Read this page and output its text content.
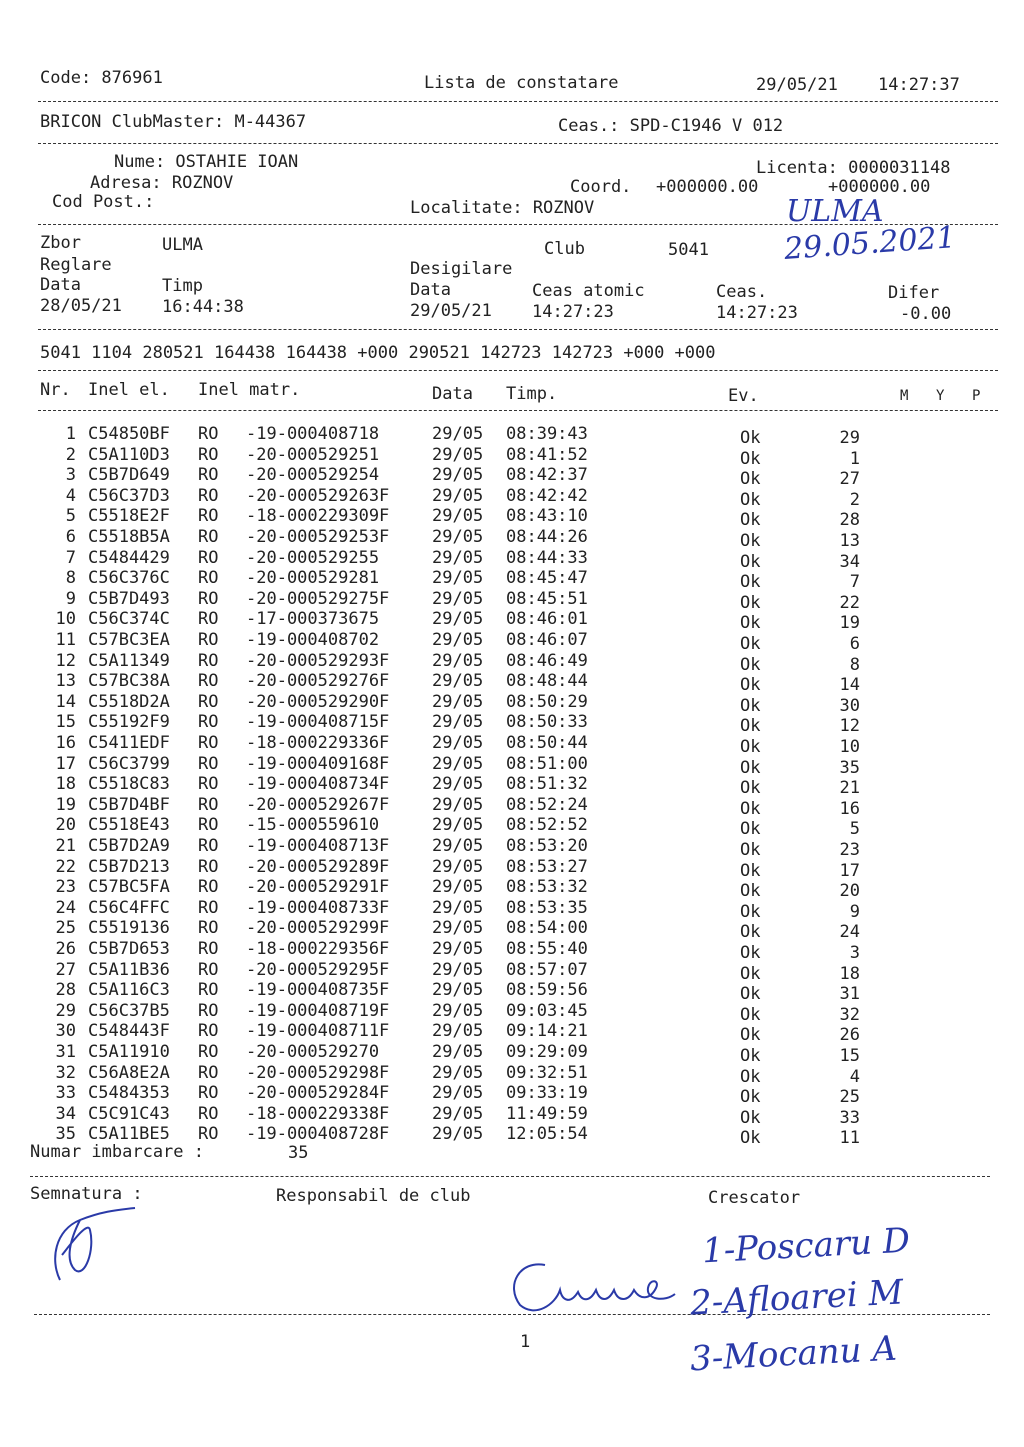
Code: 876961	Lista de constatare	29/05/21 14:27:37
BRICON ClubMaster: M-44367	Ceas.: SPD-C1946 V 012
Nume: OSTAHIE IOAN	Licenta: 0000031148
Adresa: ROZNOV	Coord. +000000.00	+000000.00
Cod Post.:	Localitate: ROZNOV
Zbor	ULMA	Club	5041
Reglare	Desigilare
Data	Timp	Data	Ceas atomic	Ceas.	Difer
28/05/21 16:44:38	29/05/21 14:27:23	14:27:23	-0.00
5041 1104 280521 164438 164438 +000 290521 142723 142723 +000 +000
Nr. Inel el. Inel matr.	Data Timp.	Ev.	M Y P
1 C54850BF RO -19-000408718	29/05 08:39:43	Ok	29
2 C5A110D3 RO -20-000529251	29/05 08:41:52	Ok	1
3 C5B7D649 RO -20-000529254	29/05 08:42:37	Ok	27
4 C56C37D3 RO -20-000529263F	29/05 08:42:42	Ok	2
5 C5518E2F RO -18-000229309F	29/05 08:43:10	Ok	28
6 C5518B5A RO -20-000529253F	29/05 08:44:26	Ok	13
7 C5484429 RO -20-000529255	29/05 08:44:33	Ok	34
8 C56C376C RO -20-000529281	29/05 08:45:47	Ok	7
9 C5B7D493 RO -20-000529275F	29/05 08:45:51	Ok	22
10 C56C374C RO -17-000373675	29/05 08:46:01	Ok	19
11 C57BC3EA RO -19-000408702	29/05 08:46:07	Ok	6
12 C5A11349 RO -20-000529293F	29/05 08:46:49	Ok	8
13 C57BC38A RO -20-000529276F	29/05 08:48:44	Ok	14
14 C5518D2A RO -20-000529290F	29/05 08:50:29	Ok	30
15 C55192F9 RO -19-000408715F	29/05 08:50:33	Ok	12
16 C5411EDF RO -18-000229336F	29/05 08:50:44	Ok	10
17 C56C3799 RO -19-000409168F	29/05 08:51:00	Ok	35
18 C5518C83 RO -19-000408734F	29/05 08:51:32	Ok	21
19 C5B7D4BF RO -20-000529267F	29/05 08:52:24	Ok	16
20 C5518E43 RO -15-000559610	29/05 08:52:52	Ok	5
21 C5B7D2A9 RO -19-000408713F	29/05 08:53:20	Ok	23
22 C5B7D213 RO -20-000529289F	29/05 08:53:27	Ok	17
23 C57BC5FA RO -20-000529291F	29/05 08:53:32	Ok	20
24 C56C4FFC RO -19-000408733F	29/05 08:53:35	Ok	9
25 C5519136 RO -20-000529299F	29/05 08:54:00	Ok	24
26 C5B7D653 RO -18-000229356F	29/05 08:55:40	Ok	3
27 C5A11B36 RO -20-000529295F	29/05 08:57:07	Ok	18
28 C5A116C3 RO -19-000408735F	29/05 08:59:56	Ok	31
29 C56C37B5 RO -19-000408719F	29/05 09:03:45	Ok	32
30 C548443F RO -19-000408711F	29/05 09:14:21	Ok	26
31 C5A11910 RO -20-000529270	29/05 09:29:09	Ok	15
32 C56A8E2A RO -20-000529298F	29/05 09:32:51	Ok	4
33 C5484353 RO -20-000529284F	29/05 09:33:19	Ok	25
34 C5C91C43 RO -18-000229338F	29/05 11:49:59	Ok	33
35 C5A11BE5 RO -19-000408728F	29/05 12:05:54	Ok	11
Numar imbarcare :	35
Semnatura :	Responsabil de club	Crescator
1
ULMA
29.05.2021
1-Poscaru D
2-Afloarei M
3-Mocanu A
